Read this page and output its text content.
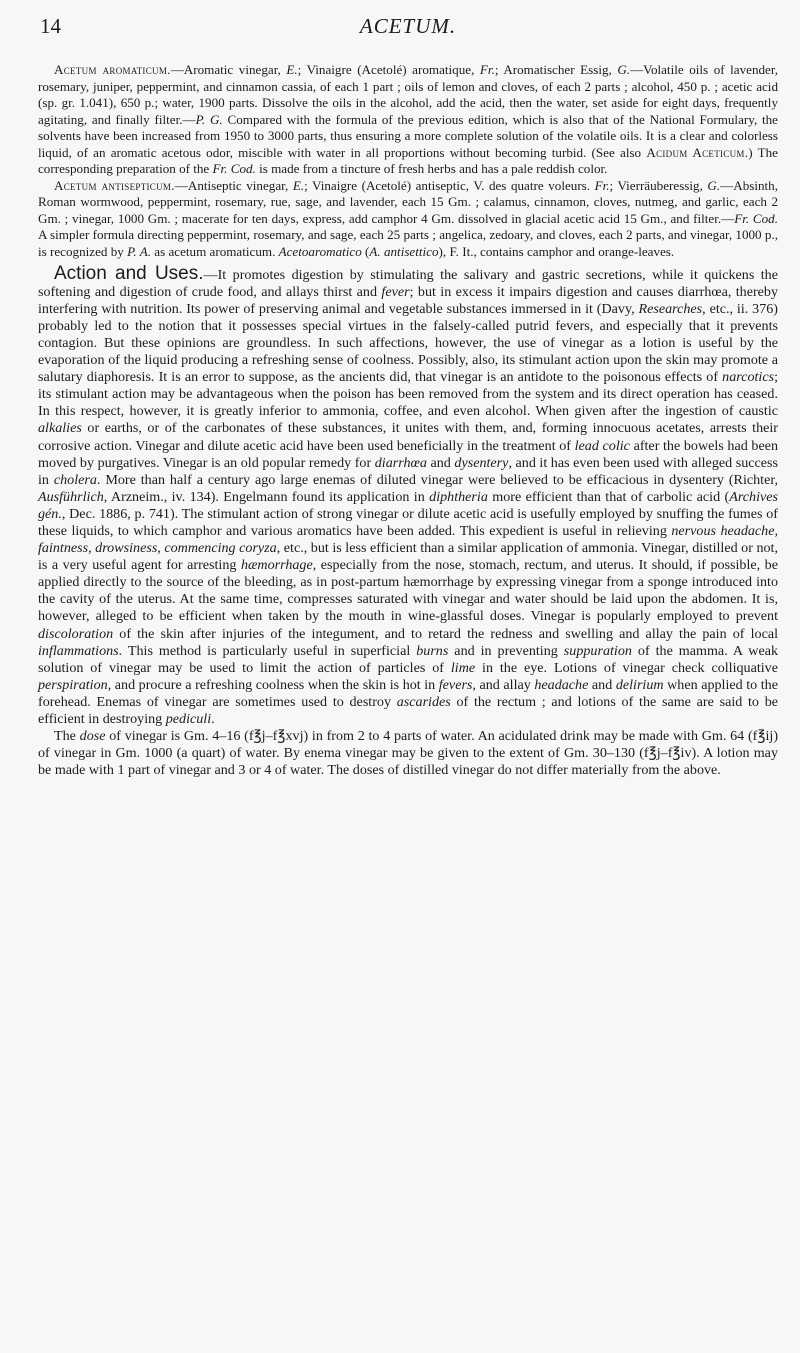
14	ACETUM.

Acetum aromaticum.—Aromatic vinegar, E.; Vinaigre (Acetolé) aromatique, Fr.; Aromatischer Essig, G.—Volatile oils of lavender, rosemary, juniper, peppermint, and cinnamon cassia, of each 1 part ; oils of lemon and cloves, of each 2 parts ; alcohol, 450 p. ; acetic acid (sp. gr. 1.041), 650 p.; water, 1900 parts. Dissolve the oils in the alcohol, add the acid, then the water, set aside for eight days, frequently agitating, and finally filter.—P. G. Compared with the formula of the previous edition, which is also that of the National Formulary, the solvents have been increased from 1950 to 3000 parts, thus ensuring a more complete solution of the volatile oils. It is a clear and colorless liquid, of an aromatic acetous odor, miscible with water in all proportions without becoming turbid. (See also Acidum Aceticum.) The corresponding preparation of the Fr. Cod. is made from a tincture of fresh herbs and has a pale reddish color.

Acetum antisepticum.—Antiseptic vinegar, E.; Vinaigre (Acetolé) antiseptic, V. des quatre voleurs. Fr.; Vierräuberessig, G.—Absinth, Roman wormwood, peppermint, rosemary, rue, sage, and lavender, each 15 Gm. ; calamus, cinnamon, cloves, nutmeg, and garlic, each 2 Gm. ; vinegar, 1000 Gm. ; macerate for ten days, express, add camphor 4 Gm. dissolved in glacial acetic acid 15 Gm., and filter.—Fr. Cod. A simpler formula directing peppermint, rosemary, and sage, each 25 parts ; angelica, zedoary, and cloves, each 2 parts, and vinegar, 1000 p., is recognized by P. A. as acetum aromaticum. Acetoaromatico (A. antisettico), F. It., contains camphor and orange-leaves.

Action and Uses.—It promotes digestion by stimulating the salivary and gastric secretions, while it quickens the softening and digestion of crude food, and allays thirst and fever; but in excess it impairs digestion and causes diarrhœa, thereby interfering with nutrition. Its power of preserving animal and vegetable substances immersed in it (Davy, Researches, etc., ii. 376) probably led to the notion that it possesses special virtues in the falsely-called putrid fevers, and especially that it prevents contagion. But these opinions are groundless. In such affections, however, the use of vinegar as a lotion is useful by the evaporation of the liquid producing a refreshing sense of coolness. Possibly, also, its stimulant action upon the skin may promote a salutary diaphoresis. It is an error to suppose, as the ancients did, that vinegar is an antidote to the poisonous effects of narcotics; its stimulant action may be advantageous when the poison has been removed from the system and its direct operation has ceased. In this respect, however, it is greatly inferior to ammonia, coffee, and even alcohol. When given after the ingestion of caustic alkalies or earths, or of the carbonates of these substances, it unites with them, and, forming innocuous acetates, arrests their corrosive action. Vinegar and dilute acetic acid have been used beneficially in the treatment of lead colic after the bowels had been moved by purgatives. Vinegar is an old popular remedy for diarrhœa and dysentery, and it has even been used with alleged success in cholera. More than half a century ago large enemas of diluted vinegar were believed to be efficacious in dysentery (Richter, Ausführlich, Arzneim., iv. 134). Engelmann found its application in diphtheria more efficient than that of carbolic acid (Archives gén., Dec. 1886, p. 741). The stimulant action of strong vinegar or dilute acetic acid is usefully employed by snuffing the fumes of these liquids, to which camphor and various aromatics have been added. This expedient is useful in relieving nervous headache, faintness, drowsiness, commencing coryza, etc., but is less efficient than a similar application of ammonia. Vinegar, distilled or not, is a very useful agent for arresting hæmorrhage, especially from the nose, stomach, rectum, and uterus. It should, if possible, be applied directly to the source of the bleeding, as in post-partum hæmorrhage by expressing vinegar from a sponge introduced into the cavity of the uterus. At the same time, compresses saturated with vinegar and water should be laid upon the abdomen. It is, however, alleged to be efficient when taken by the mouth in wine-glassful doses. Vinegar is popularly employed to prevent discoloration of the skin after injuries of the integument, and to retard the redness and swelling and allay the pain of local inflammations. This method is particularly useful in superficial burns and in preventing suppuration of the mamma. A weak solution of vinegar may be used to limit the action of particles of lime in the eye. Lotions of vinegar check colliquative perspiration, and procure a refreshing coolness when the skin is hot in fevers, and allay headache and delirium when applied to the forehead. Enemas of vinegar are sometimes used to destroy ascarides of the rectum ; and lotions of the same are said to be efficient in destroying pediculi.

The dose of vinegar is Gm. 4–16 (f℥j–f℥xvj) in from 2 to 4 parts of water. An acidulated drink may be made with Gm. 64 (f℥ij) of vinegar in Gm. 1000 (a quart) of water. By enema vinegar may be given to the extent of Gm. 30–130 (f℥j–f℥iv). A lotion may be made with 1 part of vinegar and 3 or 4 of water. The doses of distilled vinegar do not differ materially from the above.
